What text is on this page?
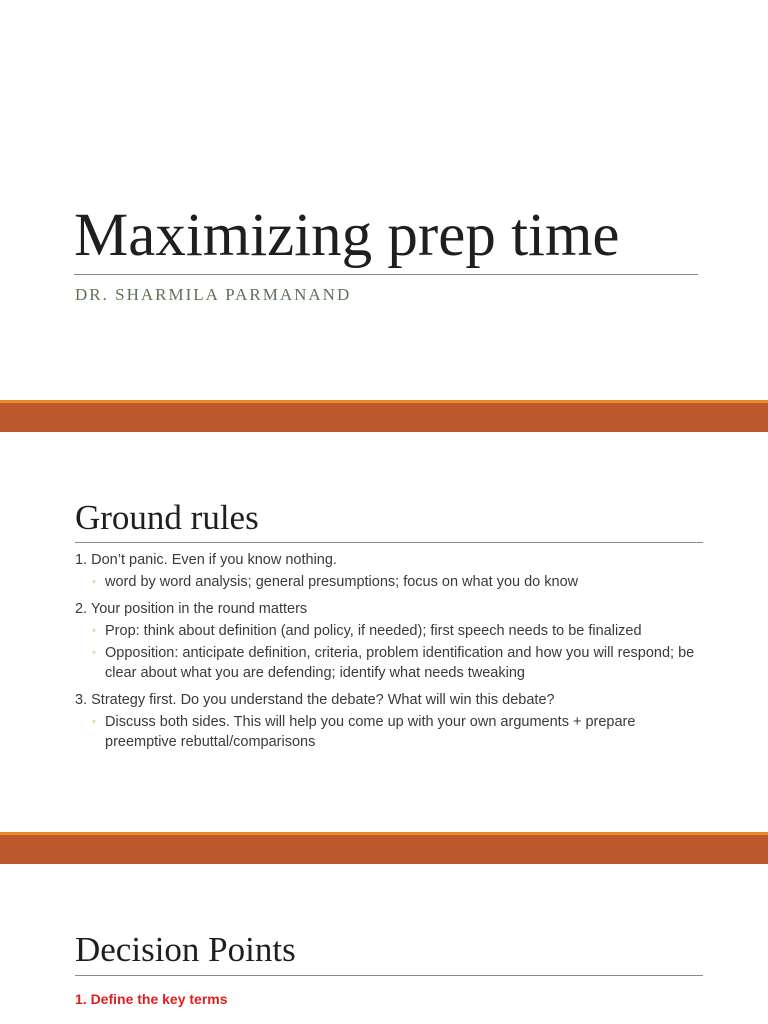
Maximizing prep time

DR. SHARMILA PARMANAND

Ground rules
1. Don’t panic. Even if you know nothing.
◦ word by word analysis; general presumptions; focus on what you do know
2. Your position in the round matters
◦ Prop: think about definition (and policy, if needed); first speech needs to be finalized
◦ Opposition: anticipate definition, criteria, problem identification and how you will respond; be clear about what you are defending; identify what needs tweaking
3. Strategy first. Do you understand the debate? What will win this debate?
◦ Discuss both sides. This will help you come up with your own arguments + prepare preemptive rebuttal/comparisons
Decision Points

1. Define the key terms
